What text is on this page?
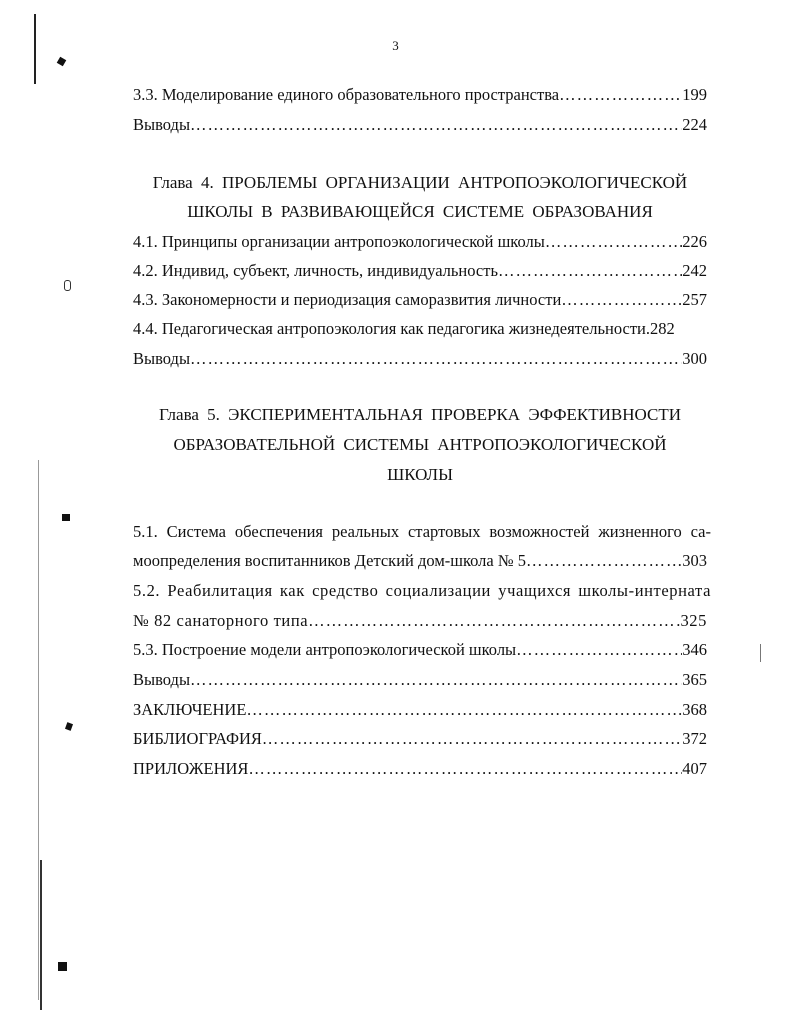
3
3.3. Моделирование единого образовательного пространства …………………………………………………………………………………………………………………………………………	199
Выводы …………………………………………………………………………………………………………………………………………	224
Глава 4. ПРОБЛЕМЫ ОРГАНИЗАЦИИ АНТРОПОЭКОЛОГИЧЕСКОЙ
ШКОЛЫ В РАЗВИВАЮЩЕЙСЯ СИСТЕМЕ ОБРАЗОВАНИЯ
4.1. Принципы организации антропоэкологической школы …………………………………………………………………………………………………………………………………………	226
4.2. Индивид, субъект, личность, индивидуальность …………………………………………………………………………………………………………………………………………	242
4.3. Закономерности и периодизация саморазвития личности …………………………………………………………………………………………………………………………………………	257
4.4. Педагогическая антропоэкология как педагогика жизнедеятельности. 282
Выводы …………………………………………………………………………………………………………………………………………	300
Глава 5. ЭКСПЕРИМЕНТАЛЬНАЯ ПРОВЕРКА ЭФФЕКТИВНОСТИ
ОБРАЗОВАТЕЛЬНОЙ СИСТЕМЫ АНТРОПОЭКОЛОГИЧЕСКОЙ
ШКОЛЫ
5.1. Система обеспечения реальных стартовых возможностей жизненного са-
моопределения воспитанников Детский дом-школа № 5 …………………………………………………………………………………………………………………………………………	303
5.2. Реабилитация как средство социализации учащихся школы-интерната
№ 82 санаторного типа …………………………………………………………………………………………………………………………………………	325
5.3. Построение модели антропоэкологической школы …………………………………………………………………………………………………………………………………………	346
Выводы …………………………………………………………………………………………………………………………………………	365
ЗАКЛЮЧЕНИЕ …………………………………………………………………………………………………………………………………………	368
БИБЛИОГРАФИЯ …………………………………………………………………………………………………………………………………………	372
ПРИЛОЖЕНИЯ …………………………………………………………………………………………………………………………………………	407
